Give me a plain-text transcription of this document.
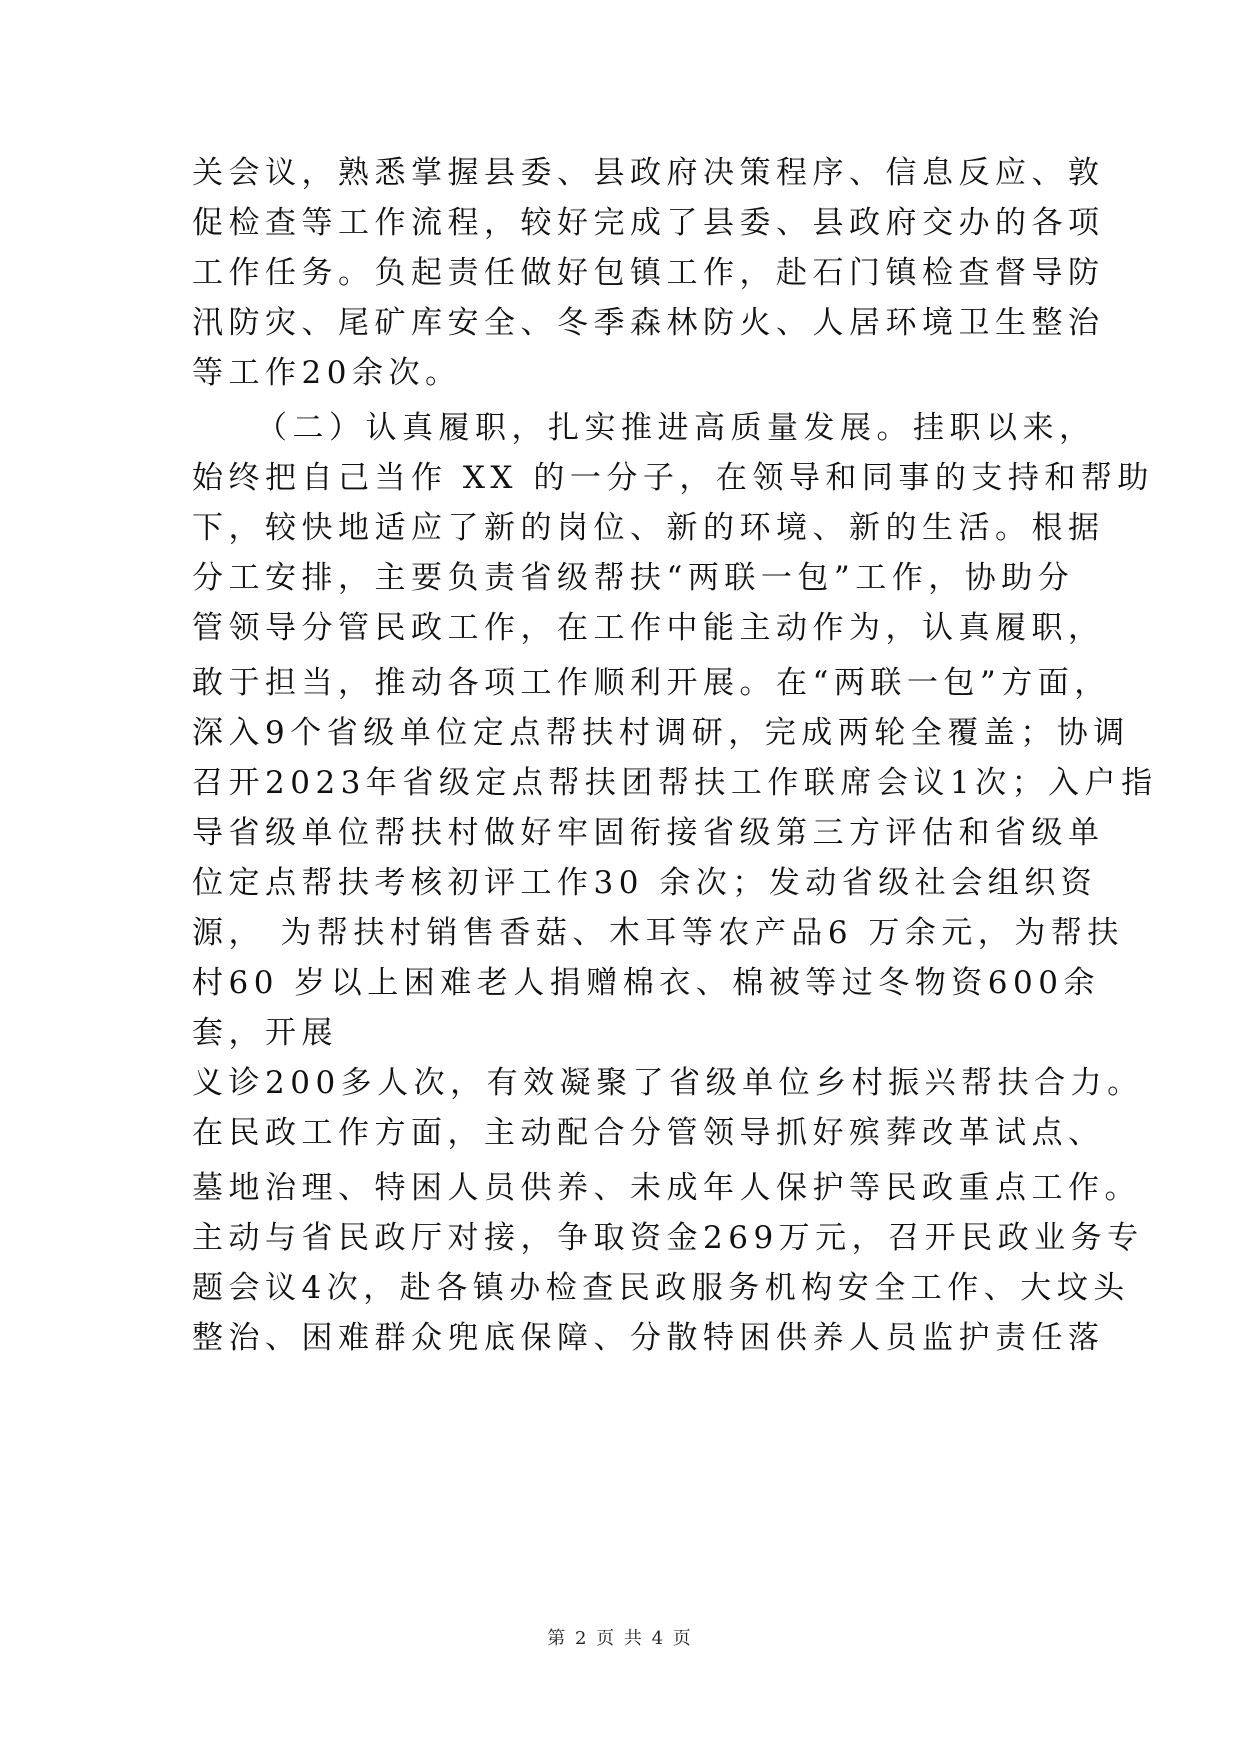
关会议，熟悉掌握县委、县政府决策程序、信息反应、敦
促检查等工作流程，较好完成了县委、县政府交办的各项
工作任务。负起责任做好包镇工作，赴石门镇检查督导防
汛防灾、尾矿库安全、冬季森林防火、人居环境卫生整治
等工作20余次。
（二）认真履职，扎实推进高质量发展。挂职以来，
始终把自己当作 XX 的一分子，在领导和同事的支持和帮助
下，较快地适应了新的岗位、新的环境、新的生活。根据
分工安排，主要负责省级帮扶“两联一包”工作，协助分
管领导分管民政工作，在工作中能主动作为，认真履职，
敢于担当，推动各项工作顺利开展。在“两联一包”方面，
深入9个省级单位定点帮扶村调研，完成两轮全覆盖；协调
召开2023年省级定点帮扶团帮扶工作联席会议1次；入户指
导省级单位帮扶村做好牢固衔接省级第三方评估和省级单
位定点帮扶考核初评工作30 余次；发动省级社会组织资
源， 为帮扶村销售香菇、木耳等农产品6 万余元，为帮扶
村60 岁以上困难老人捐赠棉衣、棉被等过冬物资600余
套，开展
义诊200多人次，有效凝聚了省级单位乡村振兴帮扶合力。
在民政工作方面，主动配合分管领导抓好殡葬改革试点、
墓地治理、特困人员供养、未成年人保护等民政重点工作。
主动与省民政厅对接，争取资金269万元，召开民政业务专
题会议4次，赴各镇办检查民政服务机构安全工作、大坟头
整治、困难群众兜底保障、分散特困供养人员监护责任落
第 2 页 共 4 页
